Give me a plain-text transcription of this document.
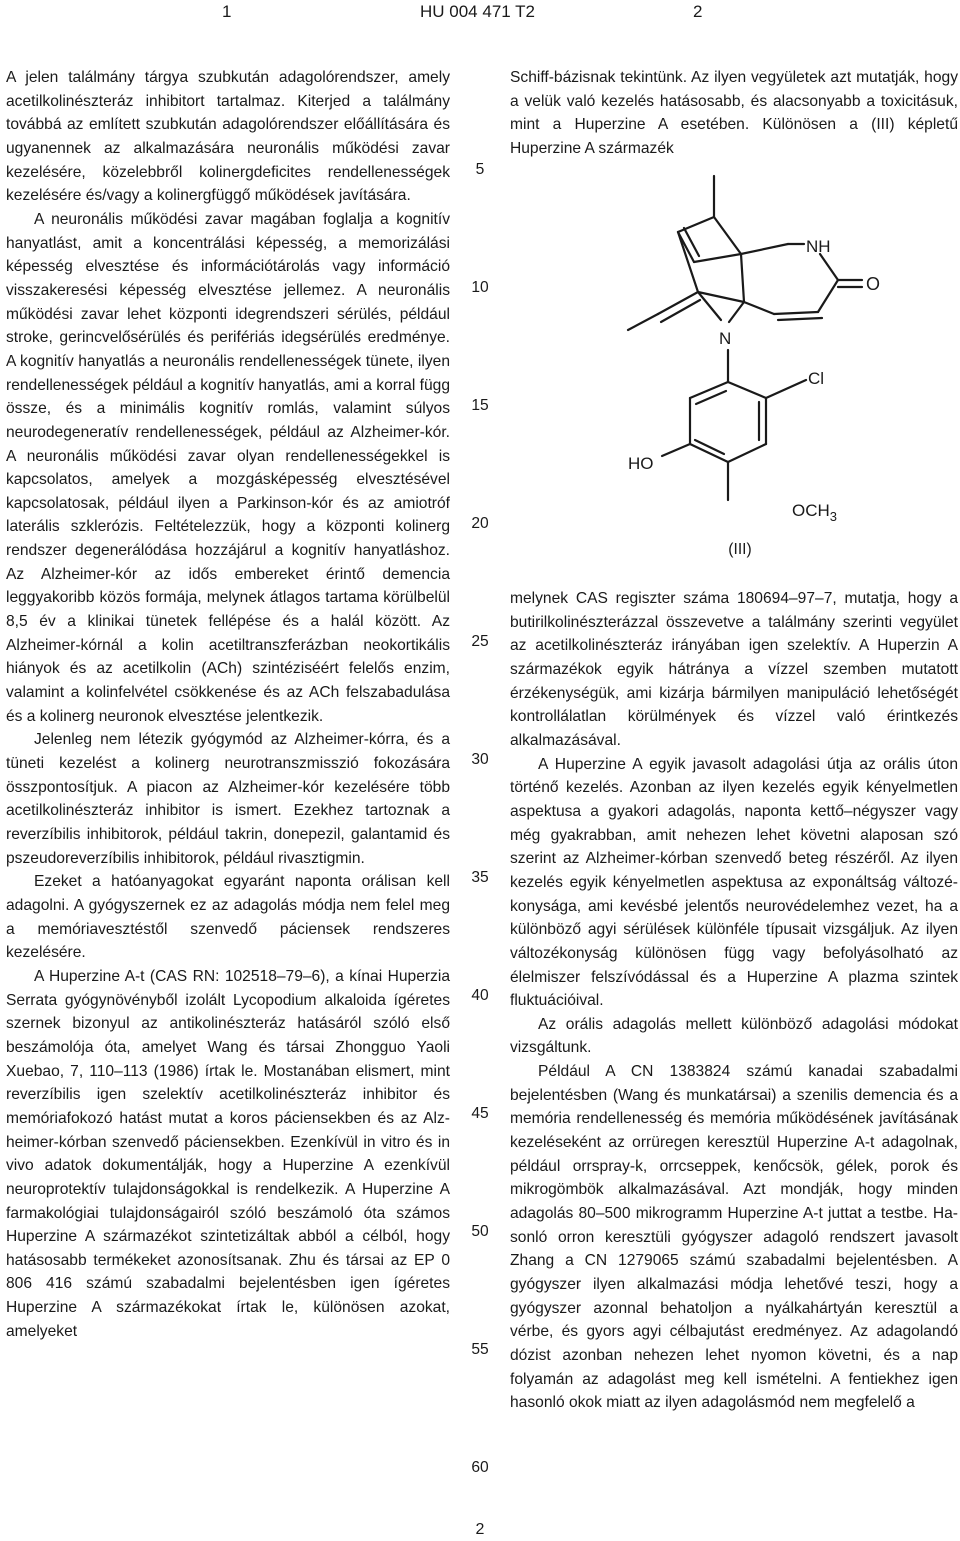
1	HU 004 471 T2	2

A jelen találmány tárgya szubkután adagolórendszer, amely acetilkolinészteráz inhibitort tartalmaz. Kiterjed a találmány továbbá az említett szubkután adagolórendszer előállítására és ugyanennek az alkalmazására neuronális működési zavar kezelésére, közelebbről kolinergdeficites rendellenességek kezelésére és/vagy a kolinergfüggő működések javítására.

A neuronális működési zavar magában foglalja a kognitív hanyatlást, amit a koncentrálási képesség, a memorizálási képesség elvesztése és információtárolás vagy információ visszakeresési képesség elvesztése jellemez. A neuronális működési zavar lehet központi idegrendszeri sérülés, például stroke, gerincvelősérülés és perifériás idegsérülés eredménye. A kognitív hanyatlás a neuronális rendellenességek tünete, ilyen rendellenességek például a kognitív hanyatlás, ami a korral függ össze, és a minimális kognitív romlás, valamint súlyos neurodegeneratív rendellenességek, például az Alzheimer-kór. A neuronális működési zavar olyan rendellenességekkel is kapcsolatos, amelyek a mozgásképesség elvesztésével kapcsolatosak, például ilyen a Parkinson-kór és az amiotróf laterális szklerózis. Feltételezzük, hogy a központi kolinerg rendszer degenerálódása hozzájárul a kognitív hanyatláshoz. Az Alzheimer-kór az idős embereket érintő demencia leggyakoribb közös formája, melynek átlagos tartama körülbelül 8,5 év a klinikai tünetek fellépése és a halál között. Az Alzheimer-kórnál a kolin acetiltranszferázban neokortikális hiányok és az acetilkolin (ACh) szintéziséért felelős enzim, valamint a kolinfelvétel csökkenése és az ACh felszabadulása és a kolinerg neuronok elvesztése jelentkezik.

Jelenleg nem létezik gyógymód az Alzheimer-kórra, és a tüneti kezelést a kolinerg neurotranszmisszió fokozására összpontosítjuk. A piacon az Alzheimer-kór kezelésére több acetilkolinészteráz inhibitor is ismert. Ezekhez tartoznak a reverzíbilis inhibitorok, például takrin, donepezil, galantamid és pszeudoreverzíbilis inhibitorok, például rivasztigmin.

Ezeket a hatóanyagokat egyaránt naponta orálisan kell adagolni. A gyógyszernek ez az adagolás módja nem felel meg a memóriavesztéstől szenvedő páciensek rendszeres kezelésére.

A Huperzine A-t (CAS RN: 102518–79–6), a kínai Huperzia Serrata gyógynövényből izolált Lycopodium alkaloida ígéretes szernek bizonyul az antikolinészteráz hatásáról szóló első beszámolója óta, amelyet Wang és társai Zhongguo Yaoli Xuebao, 7, 110–113 (1986) írtak le. Mostanában elismert, mint reverzíbilis igen szelektív acetilkolinészteráz inhibitor és memóriafokozó hatást mutat a koros páciensekben és az Alzheimer-kórban szenvedő páciensekben. Ezenkívül in vitro és in vivo adatok dokumentálják, hogy a Huperzine A ezenkívül neuroprotektív tulajdonságokkal is rendelkezik. A Huperzine A farmakológiai tulajdonságairól szóló beszámoló óta számos Huperzine A származékot szintetizáltak abból a célból, hogy hatásosabb termékeket azonosítsanak. Zhu és társai az EP 0 806 416 számú szabadalmi bejelentésben igen ígéretes Huperzine A származékokat írtak le, különösen azokat, amelyeket

5
10
15
20
25
30
35
40
45
50
55
60

Schiff-bázisnak tekintünk. Az ilyen vegyületek azt mutatják, hogy a velük való kezelés hatásosabb, és alacsonyabb a toxicitásuk, mint a Huperzine A esetében. Különösen a (III) képletű Huperzine A származék

NH
O
N
Cl
HO
$OCH_3$
(III)

melynek CAS regiszter száma 180694–97–7, mutatja, hogy a butirilkolinészterázzal összevetve a találmány szerinti vegyület az acetilkolinészteráz irányában igen szelektív. A Huperzin A származékok egyik hátránya a vízzel szemben mutatott érzékenységük, ami kizárja bármilyen manipuláció lehetőségét kontrollálatlan körülmények és vízzel való érintkezés alkalmazásával.

A Huperzine A egyik javasolt adagolási útja az orális úton történő kezelés. Azonban az ilyen kezelés egyik kényelmetlen aspektusa a gyakori adagolás, naponta kettő–négyszer vagy még gyakrabban, amit nehezen lehet követni alaposan szó szerint az Alzheimer-kórban szenvedő beteg részéről. Az ilyen kezelés egyik kényelmetlen aspektusa az exponáltság változékonysága, ami kevésbé jelentős neurovédelemhez vezet, ha a különböző agyi sérülések különféle típusait vizsgáljuk. Az ilyen változékonyság különösen függ vagy befolyásolható az élelmiszer felszívódással és a Huperzine A plazma szintek fluktuációival.

Az orális adagolás mellett különböző adagolási módokat vizsgáltunk.

Például A CN 1383824 számú kanadai szabadalmi bejelentésben (Wang és munkatársai) a szenilis demencia és a memória rendellenesség és memória működésének javításának kezeléseként az orrüregen keresztül Huperzine A-t adagolnak, például orrspray-k, orrcseppek, kenőcsök, gélek, porok és mikrogömbök alkalmazásával. Azt mondják, hogy minden adagolás 80–500 mikrogramm Huperzine A-t juttat a testbe. Hasonló orron keresztüli gyógyszer adagoló rendszert javasolt Zhang a CN 1279065 számú szabadalmi bejelentésben. A gyógyszer ilyen alkalmazási módja lehetővé teszi, hogy a gyógyszer azonnal behatoljon a nyálkahártyán keresztül a vérbe, és gyors agyi célbajutást eredményez. Az adagolandó dózist azonban nehezen lehet nyomon követni, és a nap folyamán az adagolást meg kell ismételni. A fentiekhez igen hasonló okok miatt az ilyen adagolásmód nem megfelelő a

2
